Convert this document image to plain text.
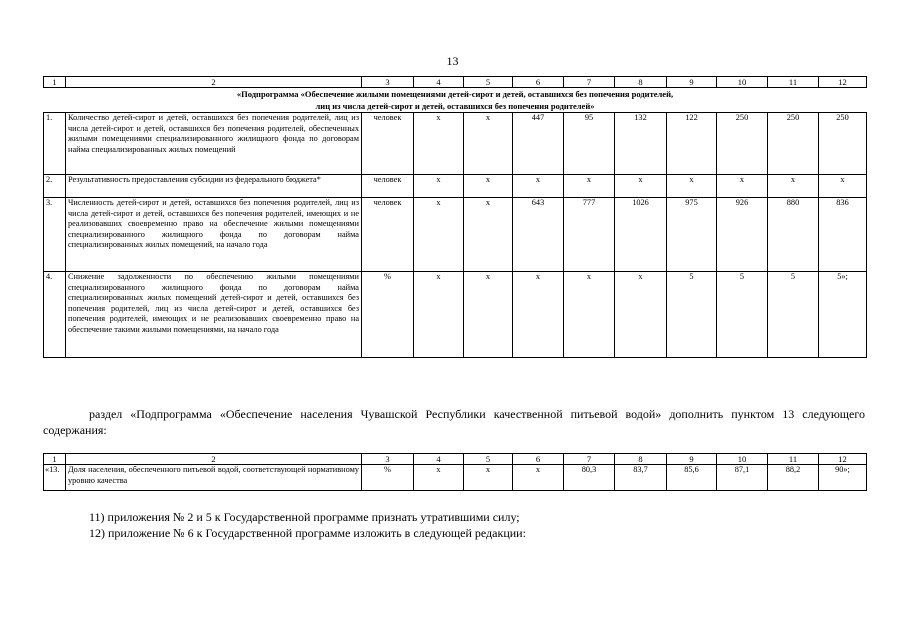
13
1	2	3	4	5	6	7	8	9	10	11	12
«Подпрограмма «Обеспечение жилыми помещениями детей-сирот и детей, оставшихся без попечения родителей,
лиц из числа детей-сирот и детей, оставшихся без попечения родителей»											
1.	Количество детей-сирот и детей, оставшихся без попечения родителей, лиц из числа детей-сирот и детей, оставшихся без попечения родителей, обеспеченных жилыми помещениями специализированного жилищного фонда по договорам найма специализированных жилых помещений	человек	x	x	447	95	132	122	250	250	250
2.	Результативность предоставления субсидии из федерального бюджета*	человек	x	x	x	x	x	x	x	x	x
3.	Численность детей-сирот и детей, оставшихся без попечения родителей, лиц из числа детей-сирот и детей, оставшихся без попечения родителей, имеющих и не реализовавших своевременно право на обеспечение жилыми помещениями специализированного жилищного фонда по договорам найма специализированных жилых помещений, на начало года	человек	x	x	643	777	1026	975	926	880	836
4.	Снижение задолженности по обеспечению жилыми помещениями специализированного жилищного фонда по договорам найма специализированных жилых помещений детей-сирот и детей, оставшихся без попечения родителей, лиц из числа детей-сирот и детей, оставшихся без попечения родителей, имеющих и не реализовавших своевременно право на обеспечение такими жилыми помещениями, на начало года	%	x	x	x	x	x	5	5	5	5»;
раздел «Подпрограмма «Обеспечение населения Чувашской Республики качественной питьевой водой» дополнить пунктом 13 следующего содержания:
1	2	3	4	5	6	7	8	9	10	11	12
«13.	Доля населения, обеспеченного питьевой водой, соответствующей нормативному уровню качества	%	x	x	x	80,3	83,7	85,6	87,1	88,2	90»;
11) приложения № 2 и 5 к Государственной программе признать утратившими силу;
12) приложение № 6 к Государственной программе изложить в следующей редакции:
